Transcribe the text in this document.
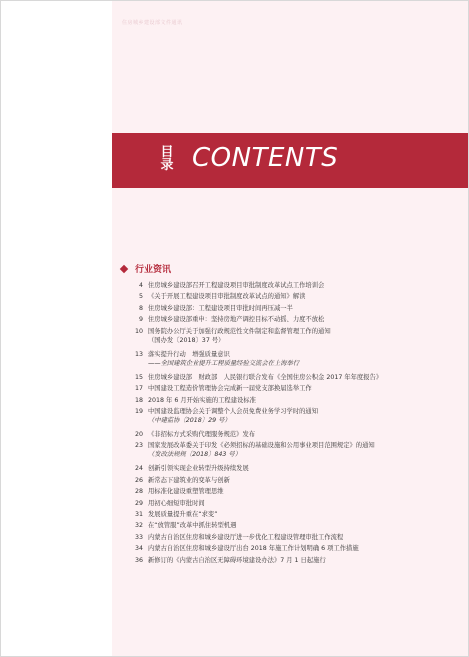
住房城乡建设部文件通讯
目
录 CONTENTS
行业资讯
4 住房城乡建设部召开工程建设项目审批制度改革试点工作培训会
5 《关于开展工程建设项目审批制度改革试点的通知》解读
8 住房城乡建设部：工程建设项目审批时间再压减一半
9 住房城乡建设部重申：坚持房地产调控目标不动摇、力度不放松
10 国务院办公厅关于加强行政规范性文件制定和监督管理工作的通知
（国办发〔2018〕37 号）
13 落实提升行动　增强质量意识
——全国建筑企业提升工程质量经验交流会在上海举行
15 住房城乡建设部　财政部　人民银行联合发布《全国住房公积金 2017 年年度报告》
17 中国建设工程造价管理协会完成新一届党支部换届选举工作
18 2018 年 6 月开始实施的工程建设标准
19 中国建设监理协会关于调整个人会员免费业务学习学时的通知
（中建监协〔2018〕29 号）
20 《非招标方式采购代理服务规范》发布
23 国家发展改革委关于印发《必须招标的基础设施和公用事业项目范围规定》的通知
（发改法规规〔2018〕843 号）
24 创新引领实现企业转型升级持续发展
26 新常态下建筑业的变革与创新
28 用标准化建设重塑管理思维
29 用初心细短审批时间
31 发展质量提升重在“求变”
32 在“放管服”改革中抓住转型机遇
33 内蒙古自治区住房和城乡建设厅进一步优化工程建设管理审批工作流程
34 内蒙古自治区住房和城乡建设厅出台 2018 年施工作计划明确 6 项工作措施
36 新修订的《内蒙古自治区无障碍环境建设办法》7 月 1 日起施行
